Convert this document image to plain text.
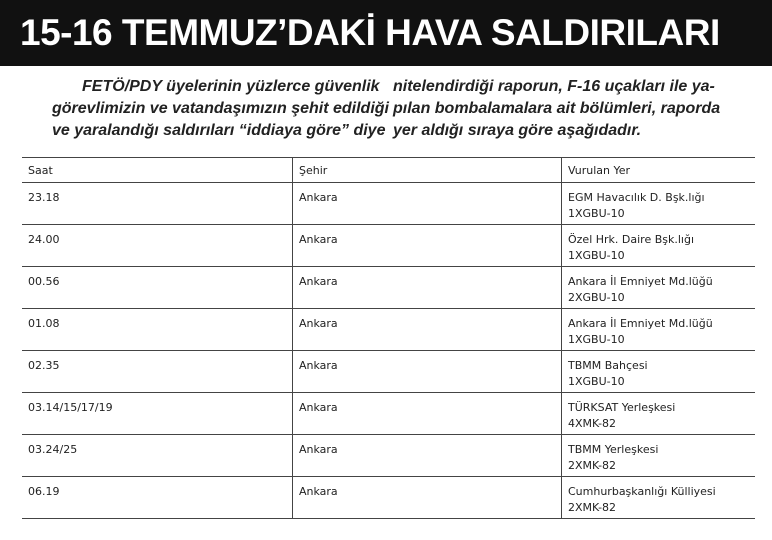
15-16 TEMMUZ’DAKİ HAVA SALDIRILARI

FETÖ/PDY üyelerinin yüzlerce güvenlik
görevlimizin ve vatandaşımızın şehit edildiği
ve yaralandığı saldırıları “iddiaya göre” diye

nitelendirdiği raporun, F-16 uçakları ile ya-
pılan bombalamalara ait bölümleri, raporda
yer aldığı sıraya göre aşağıdadır.

Saat	Şehir	Vurulan Yer
23.18	Ankara	EGM Havacılık D. Bşk.lığı
1XGBU-10

24.00	Ankara	Özel Hrk. Daire Bşk.lığı
1XGBU-10

00.56	Ankara	Ankara İl Emniyet Md.lüğü
2XGBU-10

01.08	Ankara	Ankara İl Emniyet Md.lüğü
1XGBU-10

02.35	Ankara	TBMM Bahçesi
1XGBU-10

03.14/15/17/19	Ankara	TÜRKSAT Yerleşkesi
4XMK-82

03.24/25	Ankara	TBMM Yerleşkesi
2XMK-82

06.19	Ankara	Cumhurbaşkanlığı Külliyesi
2XMK-82
